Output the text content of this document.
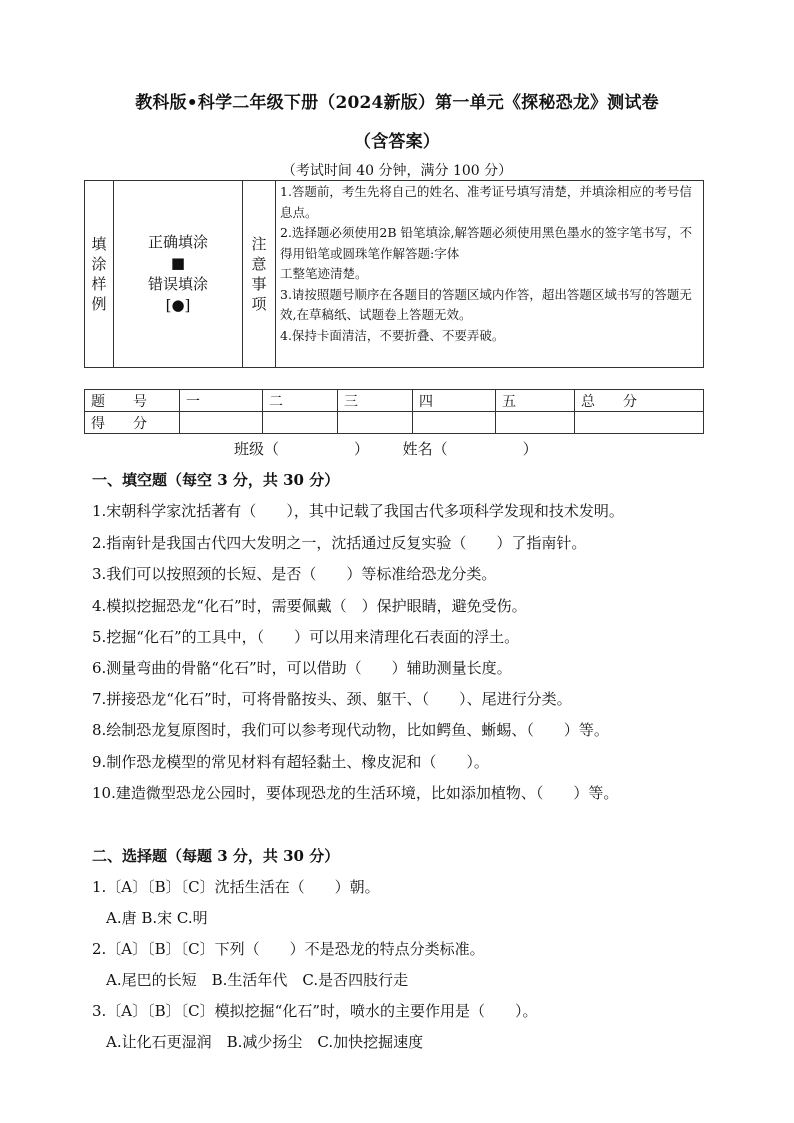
教科版•科学二年级下册（2024新版）第一单元《探秘恐龙》测试卷
（含答案）
（考试时间 40 分钟，满分 100 分）
填
涂
样
例

正确填涂
■
错误填涂
[●]

注
意
事
项

1.答题前，考生先将自己的姓名、准考证号填写清楚，并填涂相应的考号信息点。
2.选择题必须使用2B 铅笔填涂,解答题必须使用黑色墨水的签字笔书写，不得用铅笔或圆珠笔作解答题:字体
工整笔迹清楚。
3.请按照题号顺序在各题目的答题区域内作答，超出答题区域书写的答题无效,在草稿纸、试题卷上答题无效。
4.保持卡面清洁，不要折叠、不要弄破。
题　　号	一	二	三	四	五	总　　分
得　　分						
班级（　　　　　） 姓名（　　　　　）
一、填空题（每空 3 分，共 30 分）
1.宋朝科学家沈括著有（　　），其中记载了我国古代多项科学发现和技术发明。
2.指南针是我国古代四大发明之一，沈括通过反复实验（　　）了指南针。
3.我们可以按照颈的长短、是否（　　）等标准给恐龙分类。
4.模拟挖掘恐龙“化石”时，需要佩戴（　）保护眼睛，避免受伤。
5.挖掘“化石”的工具中，（　　）可以用来清理化石表面的浮土。
6.测量弯曲的骨骼“化石”时，可以借助（　　）辅助测量长度。
7.拼接恐龙“化石”时，可将骨骼按头、颈、躯干、（　　）、尾进行分类。
8.绘制恐龙复原图时，我们可以参考现代动物，比如鳄鱼、蜥蜴、（　　）等。
9.制作恐龙模型的常见材料有超轻黏土、橡皮泥和（　　）。
10.建造微型恐龙公园时，要体现恐龙的生活环境，比如添加植物、（　　）等。
二、选择题（每题 3 分，共 30 分）
1.〔A〕〔B〕〔C〕沈括生活在（　　）朝。
A.唐 B.宋 C.明
2.〔A〕〔B〕〔C〕下列（　　）不是恐龙的特点分类标准。
A.尾巴的长短　B.生活年代　C.是否四肢行走
3.〔A〕〔B〕〔C〕模拟挖掘“化石”时，喷水的主要作用是（　　）。
A.让化石更湿润　B.减少扬尘　C.加快挖掘速度
